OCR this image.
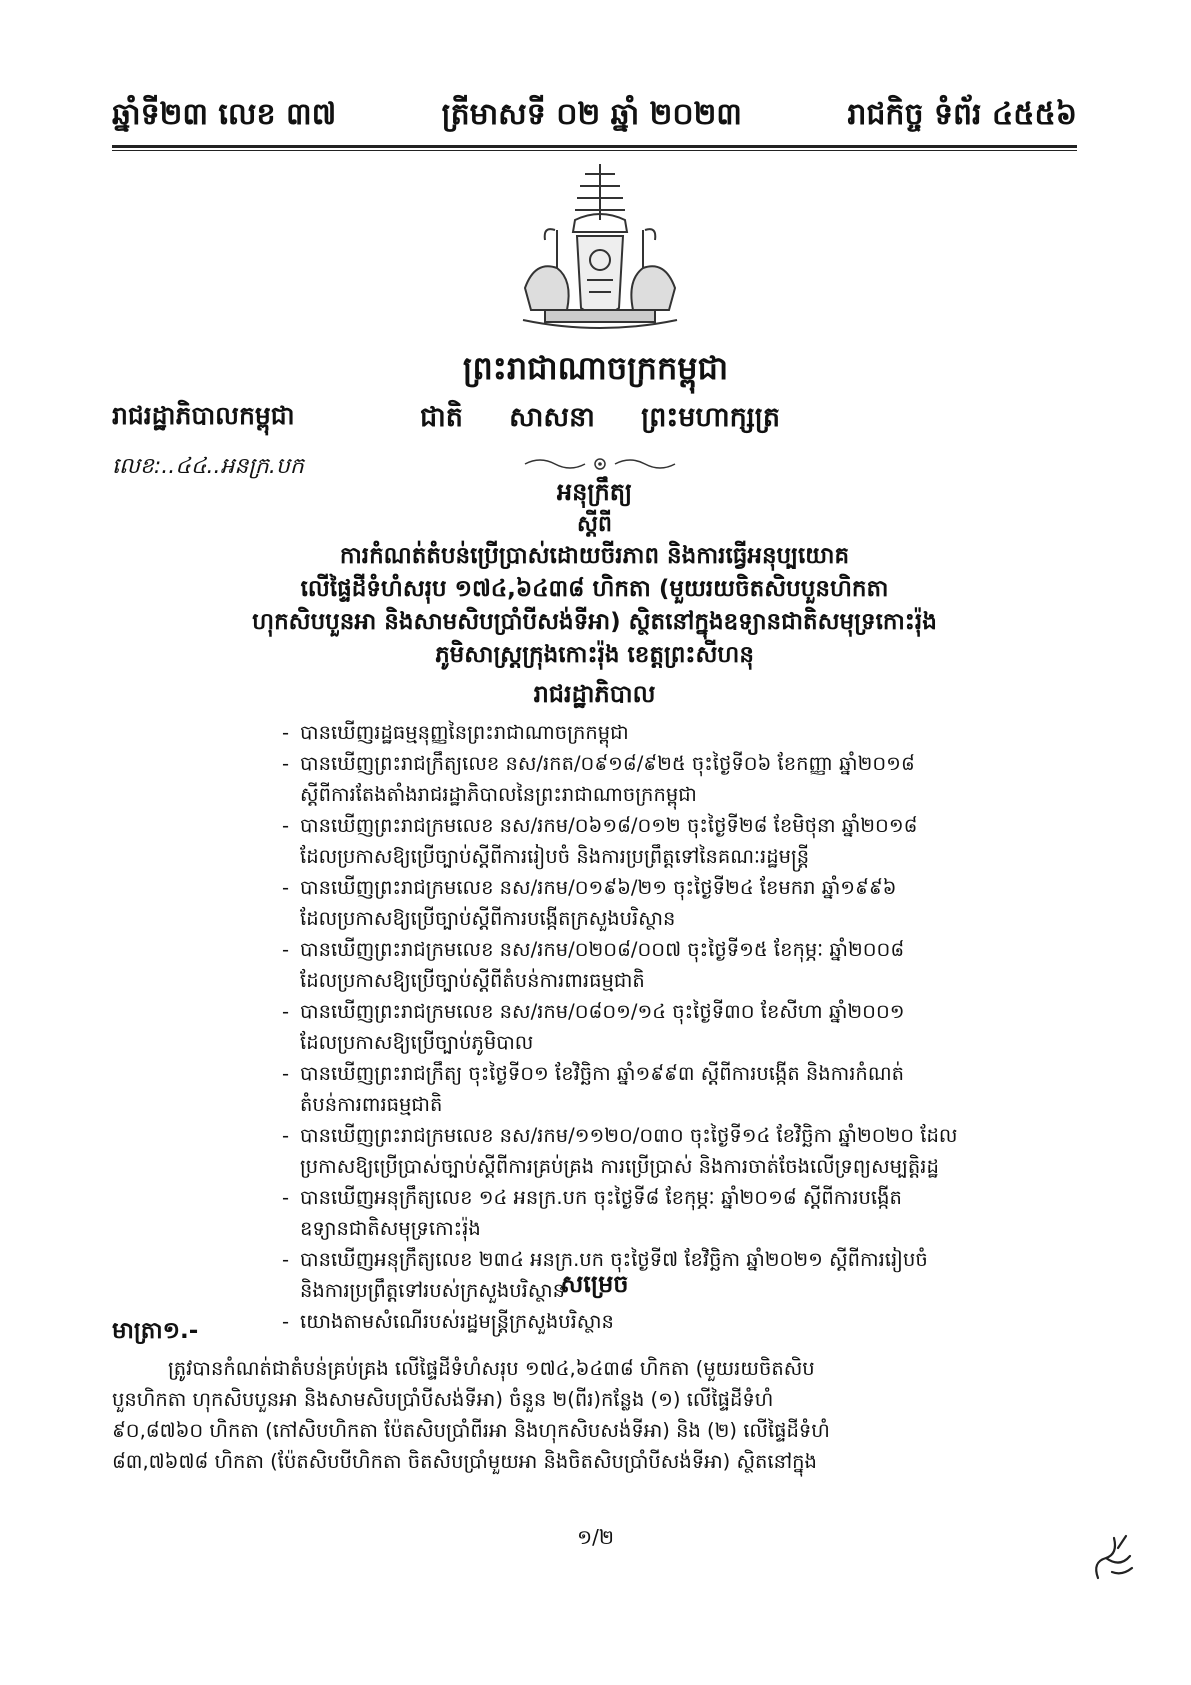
ឆ្នាំទី២៣ លេខ ៣៧	ត្រីមាសទី ០២ ឆ្នាំ ២០២៣	រាជកិច្ច ទំព័រ ៤៥៥៦
ព្រះរាជាណាចក្រកម្ពុជា
រាជរដ្ឋាភិបាលកម្ពុជា	ជាតិ សាសនា ព្រះមហាក្សត្រ
លេខ:..៤៤..អនក្រ.បក
អនុក្រឹត្យ
ស្តីពី
ការកំណត់តំបន់ប្រើប្រាស់ដោយចីរភាព និងការធ្វើអនុប្បយោគ
លើផ្ទៃដីទំហំសរុប ១៧៤,៦៤៣៨ ហិកតា (មួយរយចិតសិបបួនហិកតា
ហុកសិបបួនអា និងសាមសិបប្រាំបីសង់ទីអា) ស្ថិតនៅក្នុងឧទ្យានជាតិសមុទ្រកោះរ៉ុង
ភូមិសាស្ត្រក្រុងកោះរ៉ុង ខេត្តព្រះសីហនុ
រាជរដ្ឋាភិបាល
- បានឃើញរដ្ឋធម្មនុញ្ញនៃព្រះរាជាណាចក្រកម្ពុជា
- បានឃើញព្រះរាជក្រឹត្យលេខ នស/រកត/០៩១៨/៩២៥ ចុះថ្ងៃទី០៦ ខែកញ្ញា ឆ្នាំ២០១៨
ស្តីពីការតែងតាំងរាជរដ្ឋាភិបាលនៃព្រះរាជាណាចក្រកម្ពុជា
- បានឃើញព្រះរាជក្រមលេខ នស/រកម/០៦១៨/០១២ ចុះថ្ងៃទី២៨ ខែមិថុនា ឆ្នាំ២០១៨
ដែលប្រកាសឱ្យប្រើច្បាប់ស្តីពីការរៀបចំ និងការប្រព្រឹត្តទៅនៃគណៈរដ្ឋមន្ត្រី
- បានឃើញព្រះរាជក្រមលេខ នស/រកម/០១៩៦/២១ ចុះថ្ងៃទី២៤ ខែមករា ឆ្នាំ១៩៩៦
ដែលប្រកាសឱ្យប្រើច្បាប់ស្តីពីការបង្កើតក្រសួងបរិស្ថាន
- បានឃើញព្រះរាជក្រមលេខ នស/រកម/០២០៨/០០៧ ចុះថ្ងៃទី១៥ ខែកុម្ភៈ ឆ្នាំ២០០៨
ដែលប្រកាសឱ្យប្រើច្បាប់ស្តីពីតំបន់ការពារធម្មជាតិ
- បានឃើញព្រះរាជក្រមលេខ នស/រកម/០៨០១/១៤ ចុះថ្ងៃទី៣០ ខែសីហា ឆ្នាំ២០០១
ដែលប្រកាសឱ្យប្រើច្បាប់ភូមិបាល
- បានឃើញព្រះរាជក្រឹត្យ ចុះថ្ងៃទី០១ ខែវិច្ឆិកា ឆ្នាំ១៩៩៣ ស្តីពីការបង្កើត និងការកំណត់
តំបន់ការពារធម្មជាតិ
- បានឃើញព្រះរាជក្រមលេខ នស/រកម/១១២០/០៣០ ចុះថ្ងៃទី១៤ ខែវិច្ឆិកា ឆ្នាំ២០២០ ដែល
ប្រកាសឱ្យប្រើប្រាស់ច្បាប់ស្តីពីការគ្រប់គ្រង ការប្រើប្រាស់ និងការចាត់ចែងលើទ្រព្យសម្បត្តិរដ្ឋ
- បានឃើញអនុក្រឹត្យលេខ ១៤ អនក្រ.បក ចុះថ្ងៃទី៨ ខែកុម្ភៈ ឆ្នាំ២០១៨ ស្តីពីការបង្កើត
ឧទ្យានជាតិសមុទ្រកោះរ៉ុង
- បានឃើញអនុក្រឹត្យលេខ ២៣៤ អនក្រ.បក ចុះថ្ងៃទី៧ ខែវិច្ឆិកា ឆ្នាំ២០២១ ស្តីពីការរៀបចំ
និងការប្រព្រឹត្តទៅរបស់ក្រសួងបរិស្ថាន
- យោងតាមសំណើរបស់រដ្ឋមន្ត្រីក្រសួងបរិស្ថាន
សម្រេច
មាត្រា១.-
ត្រូវបានកំណត់ជាតំបន់គ្រប់គ្រង លើផ្ទៃដីទំហំសរុប ១៧៤,៦៤៣៨ ហិកតា (មួយរយចិតសិប
បួនហិកតា ហុកសិបបួនអា និងសាមសិបប្រាំបីសង់ទីអា) ចំនួន ២(ពីរ)កន្លែង (១) លើផ្ទៃដីទំហំ
៩០,៨៧៦០ ហិកតា (កៅសិបហិកតា ប៉ែតសិបប្រាំពីរអា និងហុកសិបសង់ទីអា) និង (២) លើផ្ទៃដីទំហំ
៨៣,៧៦៧៨ ហិកតា (ប៉ែតសិបបីហិកតា ចិតសិបប្រាំមួយអា និងចិតសិបប្រាំបីសង់ទីអា) ស្ថិតនៅក្នុង
១/២
